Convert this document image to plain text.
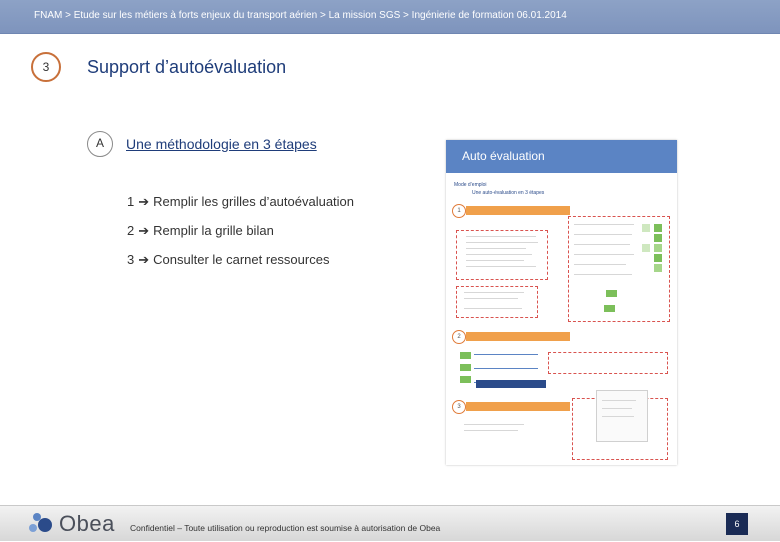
FNAM > Etude sur les métiers à forts enjeux du transport aérien > La mission SGS > Ingénierie de formation 06.01.2014
3	Support d’autoévaluation
A	Une méthodologie en 3 étapes
1 ➔ Remplir les grilles d’autoévaluation
2 ➔ Remplir la grille bilan
3 ➔ Consulter le carnet ressources
Auto évaluation
Mode d’emploi
Une auto-évaluation en 3 étapes
1
Remplir les grilles d’autoévaluation
2
Remplir la grille bilan
3
Consulter le carnet ressources
Obea Confidentiel – Toute utilisation ou reproduction est soumise à autorisation de Obea	6
